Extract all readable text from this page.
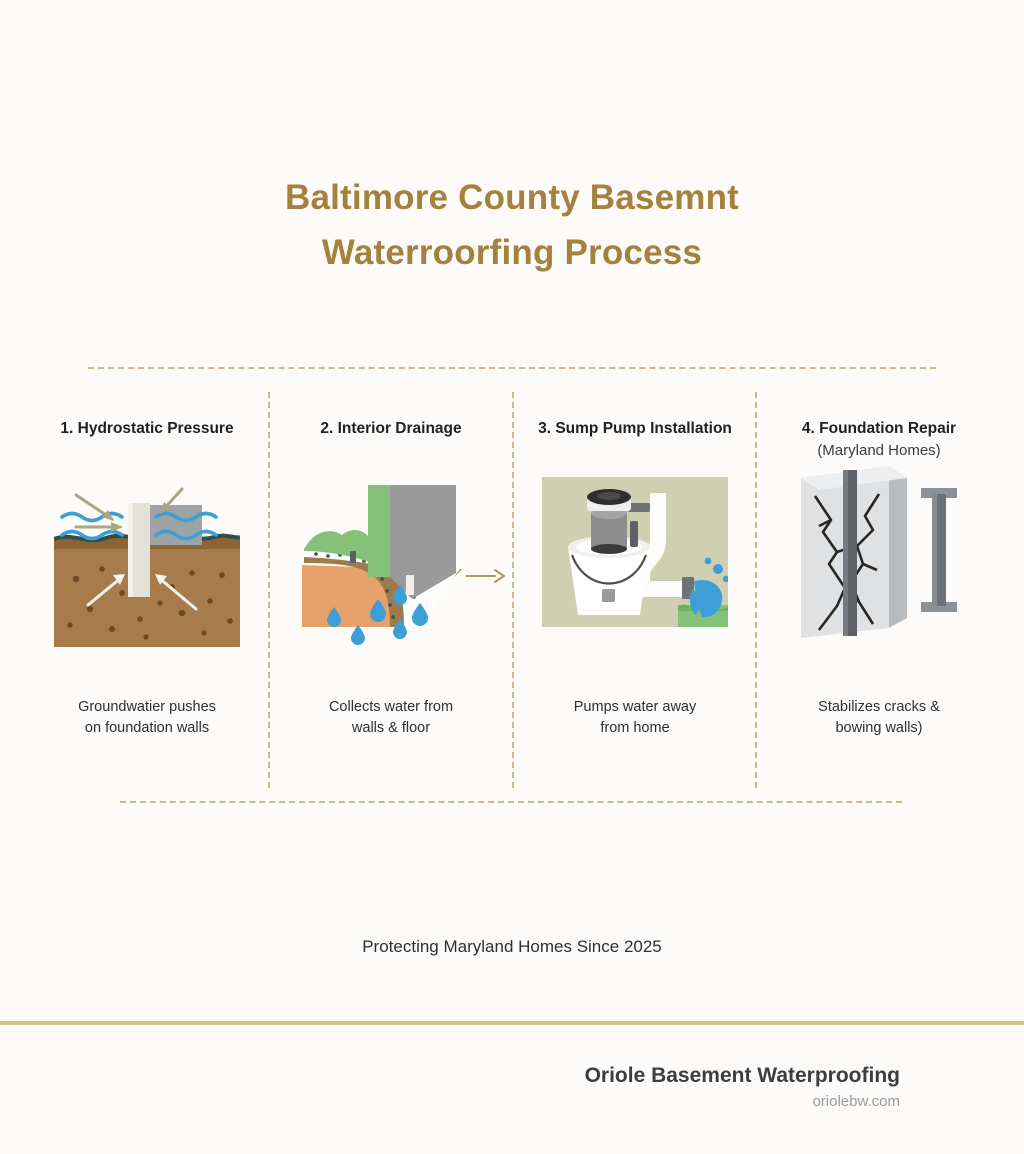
Baltimore County Basemnt
Waterroorfing Process
1. Hydrostatic Pressure
Groundwatier pushes
on foundation walls
2. Interior Drainage
Collects water from
walls & floor
3. Sump Pump Installation
Pumps water away
from home
4. Foundation Repair
(Maryland Homes)
Stabilizes cracks &
bowing walls)
Protecting Maryland Homes Since 2025
Oriole Basement Waterproofing
oriolebw.com
